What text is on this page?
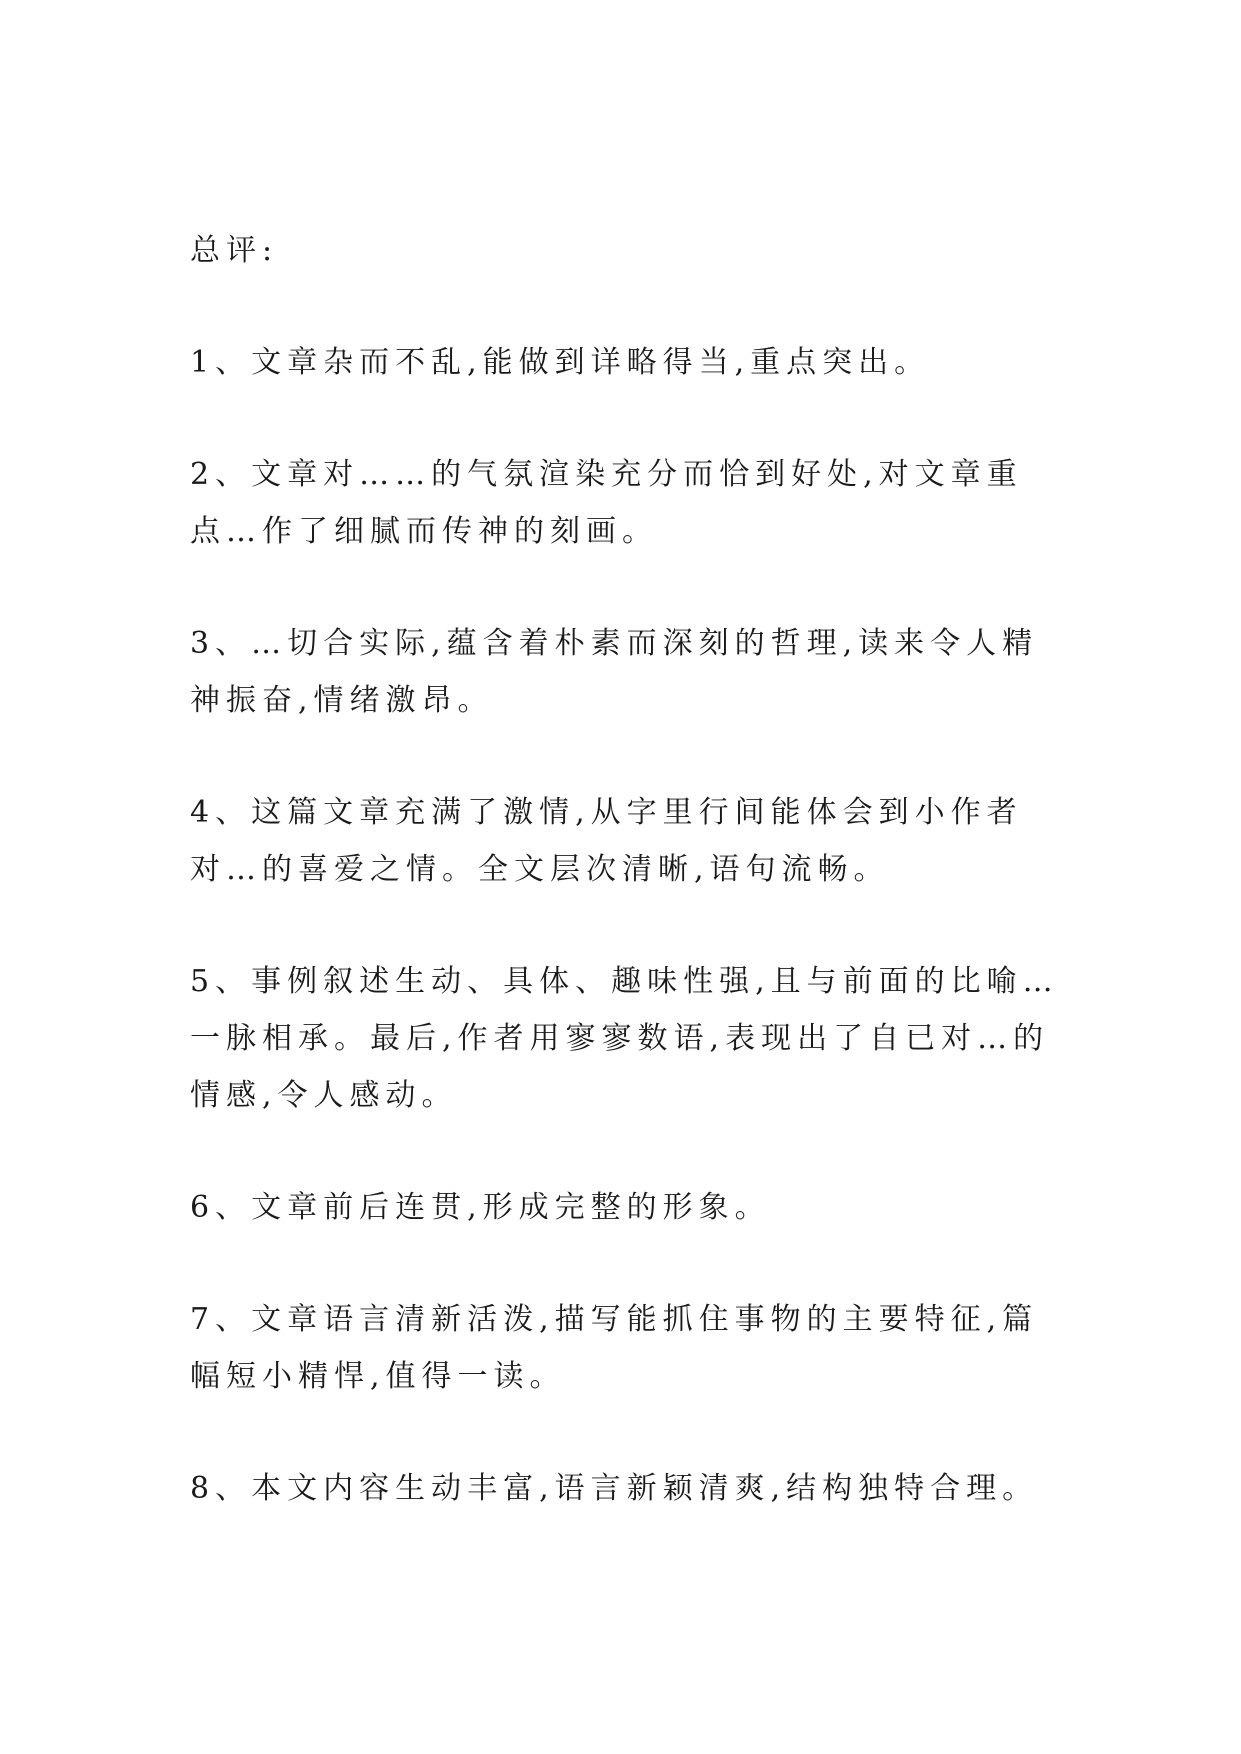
总评:

1、文章杂而不乱,能做到详略得当,重点突出。

2、文章对……的气氛渲染充分而恰到好处,对文章重点…作了细腻而传神的刻画。

3、…切合实际,蕴含着朴素而深刻的哲理,读来令人精神振奋,情绪激昂。

4、这篇文章充满了激情,从字里行间能体会到小作者对…的喜爱之情。全文层次清晰,语句流畅。

5、事例叙述生动、具体、趣味性强,且与前面的比喻…一脉相承。最后,作者用寥寥数语,表现出了自已对…的情感,令人感动。

6、文章前后连贯,形成完整的形象。

7、文章语言清新活泼,描写能抓住事物的主要特征,篇幅短小精悍,值得一读。

8、本文内容生动丰富,语言新颖清爽,结构独特合理。
